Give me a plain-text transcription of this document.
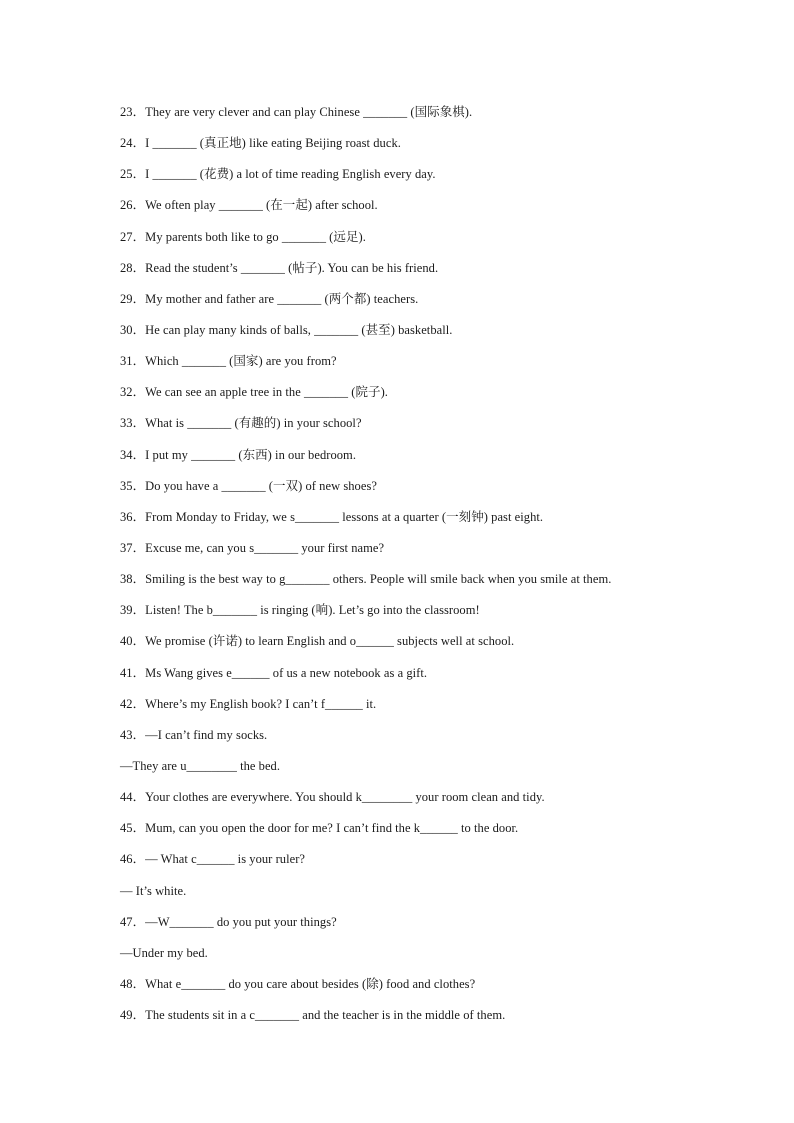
23．They are very clever and can play Chinese _______ (国际象棋).
24．I _______ (真正地) like eating Beijing roast duck.
25．I _______ (花费) a lot of time reading English every day.
26．We often play _______ (在一起) after school.
27．My parents both like to go _______ (远足).
28．Read the student’s _______ (帖子). You can be his friend.
29．My mother and father are _______ (两个都) teachers.
30．He can play many kinds of balls, _______ (甚至) basketball.
31．Which _______ (国家) are you from?
32．We can see an apple tree in the _______ (院子).
33．What is _______ (有趣的) in your school?
34．I put my _______ (东西) in our bedroom.
35．Do you have a _______ (一双) of new shoes?
36．From Monday to Friday, we s_______ lessons at a quarter (一刻钟) past eight.
37．Excuse me, can you s_______ your first name?
38．Smiling is the best way to g_______ others. People will smile back when you smile at them.
39．Listen! The b_______ is ringing (响). Let’s go into the classroom!
40．We promise (许诺) to learn English and o______ subjects well at school.
41．Ms Wang gives e______ of us a new notebook as a gift.
42．Where’s my English book? I can’t f______ it.
43．—I can’t find my socks.
—They are u________ the bed.
44．Your clothes are everywhere. You should k________ your room clean and tidy.
45．Mum, can you open the door for me? I can’t find the k______ to the door.
46．— What c______ is your ruler?
— It’s white.
47．—W_______ do you put your things?
—Under my bed.
48．What e_______ do you care about besides (除) food and clothes?
49．The students sit in a c_______ and the teacher is in the middle of them.
